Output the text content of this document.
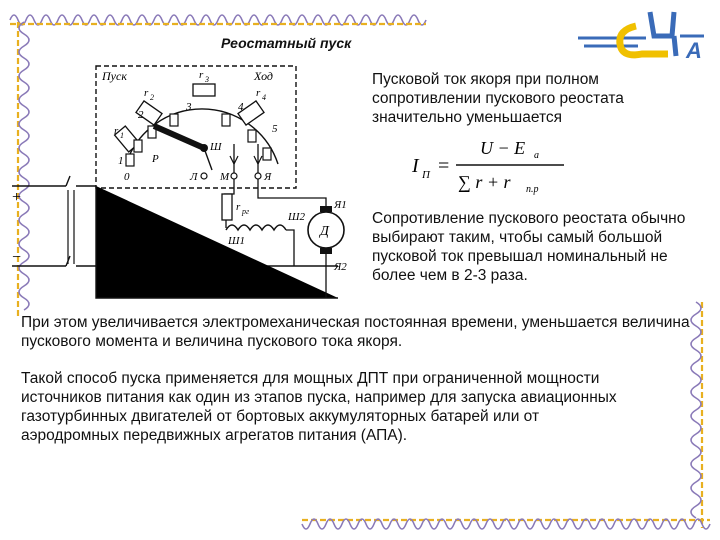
А
Реостатный пуск
Пуск	Ход
r 1
r 2
r 3
r 4
0
1
2
3	4
5
Р
Ш
Л М	Я
r рг
Ш1
Ш2
Я1
Я2
Д
+
−
Пусковой ток якоря при полном сопротивлении пускового реостата значительно уменьшается
I П =
U − E a
∑ r + r п.р
Сопротивление пускового реостата обычно выбирают таким, чтобы самый большой пусковой ток превышал номинальный не более чем в 2-3 раза.
При этом увеличивается электромеханическая постоянная времени, уменьшается величина пускового момента и величина пускового тока якоря.
Такой способ пуска применяется для мощных ДПТ при ограниченной мощности источников питания как один из этапов пуска, например для запуска авиационных газотурбинных двигателей от бортовых аккумуляторных батарей или от аэродромных передвижных агрегатов питания (АПА).
